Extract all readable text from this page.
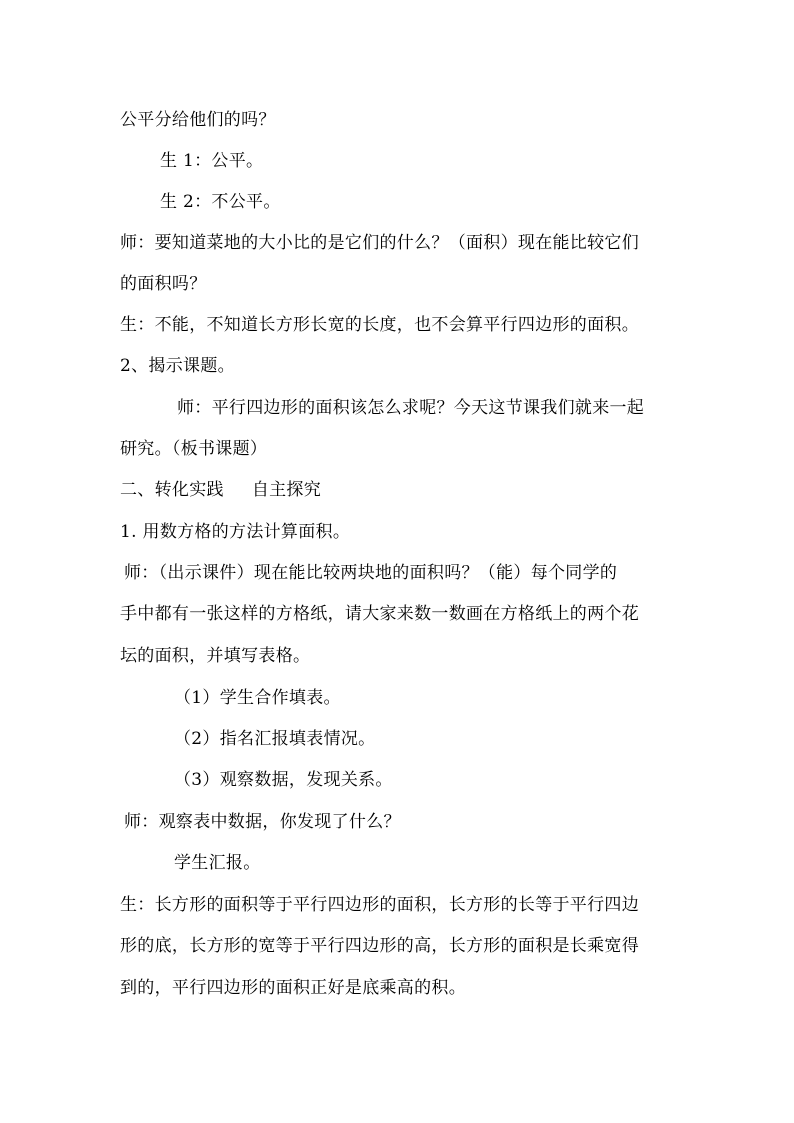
公平分给他们的吗？
生 1：公平。
生 2：不公平。
师：要知道菜地的大小比的是它们的什么？（面积）现在能比较它们
的面积吗？
生：不能，不知道长方形长宽的长度，也不会算平行四边形的面积。
2、揭示课题。
师：平行四边形的面积该怎么求呢？今天这节课我们就来一起
研究。（板书课题）
二、转化实践 自主探究
1. 用数方格的方法计算面积。
师：（出示课件）现在能比较两块地的面积吗？（能）每个同学的
手中都有一张这样的方格纸，请大家来数一数画在方格纸上的两个花
坛的面积，并填写表格。
（1）学生合作填表。
（2）指名汇报填表情况。
（3）观察数据，发现关系。
师：观察表中数据，你发现了什么？
学生汇报。
生：长方形的面积等于平行四边形的面积，长方形的长等于平行四边
形的底，长方形的宽等于平行四边形的高，长方形的面积是长乘宽得
到的，平行四边形的面积正好是底乘高的积。
